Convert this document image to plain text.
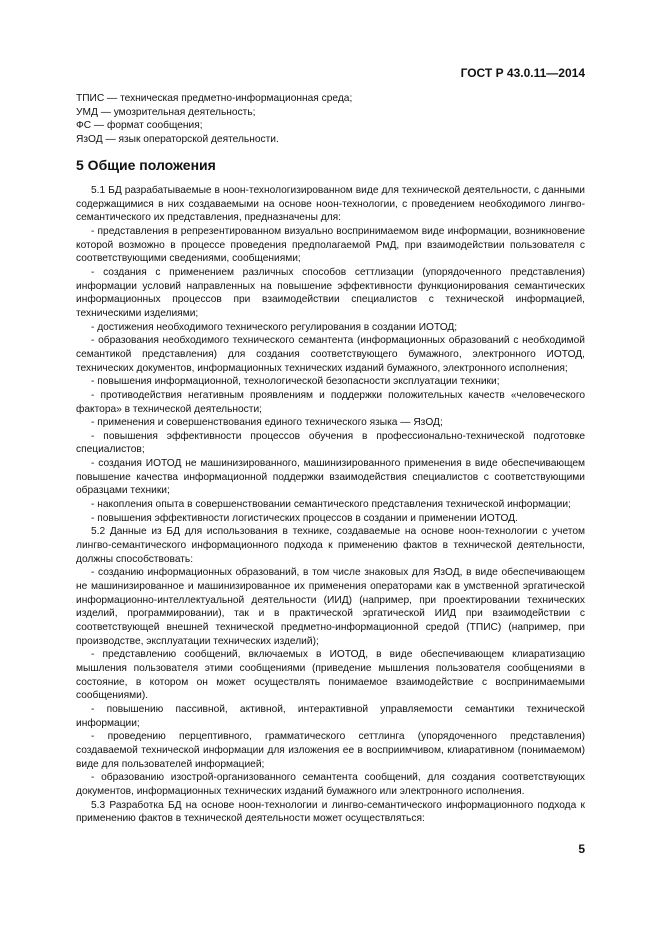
ГОСТ Р 43.0.11—2014
ТПИС — техническая предметно-информационная среда;
УМД — умозрительная деятельность;
ФС — формат сообщения;
ЯзОД — язык операторской деятельности.
5 Общие положения

5.1 БД разрабатываемые в ноон-технологизированном виде для технической деятельности, с данными содержащимися в них создаваемыми на основе ноон-технологии, с проведением необходимого лингво- семантического их представления, предназначены для:

- представления в репрезентированном визуально воспринимаемом виде информации, возникновение которой возможно в процессе проведения предполагаемой РмД, при взаимодействии пользователя с соответствующими сведениями, сообщениями;

- создания с применением различных способов сеттлизации (упорядоченного представления) информации условий направленных на повышение эффективности функционирования семантических информационных процессов при взаимодействии специалистов с технической информацией, техническими изделиями;

- достижения необходимого технического регулирования в создании ИОТОД;

- образования необходимого технического семантента (информационных образований с необходимой семантикой представления) для создания соответствующего бумажного, электронного ИОТОД, технических документов, информационных технических изданий бумажного, электронного исполнения;

- повышения информационной, технологической безопасности эксплуатации техники;

- противодействия негативным проявлениям и поддержки положительных качеств «человеческого фактора» в технической деятельности;

- применения и совершенствования единого технического языка — ЯзОД;

- повышения эффективности процессов обучения в профессионально-технической подготовке специалистов;

- создания ИОТОД не машинизированного, машинизированного применения в виде обеспечивающем повышение качества информационной поддержки взаимодействия специалистов с соответствующими образцами техники;

- накопления опыта в совершенствовании семантического представления технической информации;

- повышения эффективности логистических процессов в создании и применении ИОТОД.

5.2 Данные из БД для использования в технике, создаваемые на основе ноон-технологии с учетом лингво-семантического информационного подхода к применению фактов в технической деятельности, должны способствовать:

- созданию информационных образований, в том числе знаковых для ЯзОД, в виде обеспечивающем не машинизированное и машинизированное их применения операторами как в умственной эргатической информационно-интеллектуальной деятельности (ИИД) (например, при проектировании технических изделий, программировании), так и в практической эргатической ИИД при взаимодействии с соответствующей внешней технической предметно-информационной средой (ТПИС) (например, при производстве, эксплуатации технических изделий);

- представлению сообщений, включаемых в ИОТОД, в виде обеспечивающем клиаратизацию мышления пользователя этими сообщениями (приведение мышления пользователя сообщениями в состояние, в котором он может осуществлять понимаемое взаимодействие с воспринимаемыми сообщениями).

- повышению пассивной, активной, интерактивной управляемости семантики технической информации;

- проведению перцептивного, грамматического сеттлинга (упорядоченного представления) создаваемой технической информации для изложения ее в восприимчивом, клиаративном (понимаемом) виде для пользователей информацией;

- образованию изострой-организованного семантента сообщений, для создания соответствующих документов, информационных технических изданий бумажного или электронного исполнения.

5.3 Разработка БД на основе ноон-технологии и лингво-семантического информационного подхода к применению фактов в технической деятельности может осуществляться:

5
